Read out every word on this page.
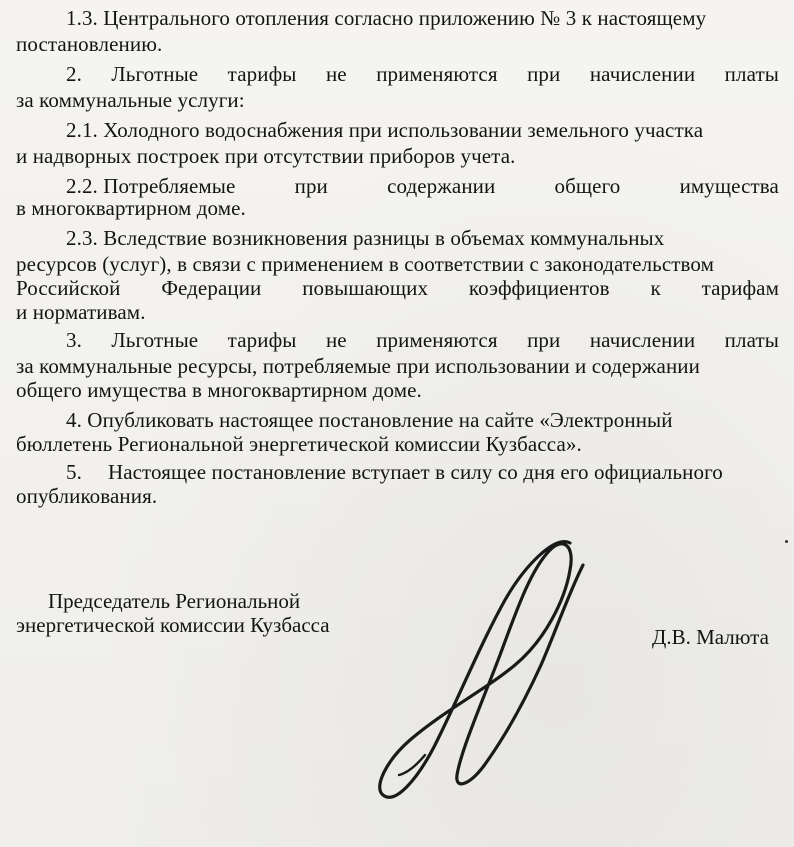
1.3. Центрального отопления согласно приложению № 3 к настоящему
постановлению.
2. Льготные тарифы не применяются при начислении платы
за коммунальные услуги:
2.1. Холодного водоснабжения при использовании земельного участка
и надворных построек при отсутствии приборов учета.
2.2. Потребляемые	при	содержании	общего	имущества
в многоквартирном доме.
2.3. Вследствие возникновения разницы в объемах коммунальных
ресурсов (услуг), в связи с применением в соответствии с законодательством
Российской Федерации повышающих коэффициентов к тарифам
и нормативам.
3. Льготные тарифы не применяются при начислении платы
за коммунальные ресурсы, потребляемые при использовании и содержании
общего имущества в многоквартирном доме.
4. Опубликовать настоящее постановление на сайте «Электронный
бюллетень Региональной энергетической комиссии Кузбасса».
5. Настоящее постановление вступает в силу со дня его официального
опубликования.
Председатель Региональной
энергетической комиссии Кузбасса	Д.В. Малюта
